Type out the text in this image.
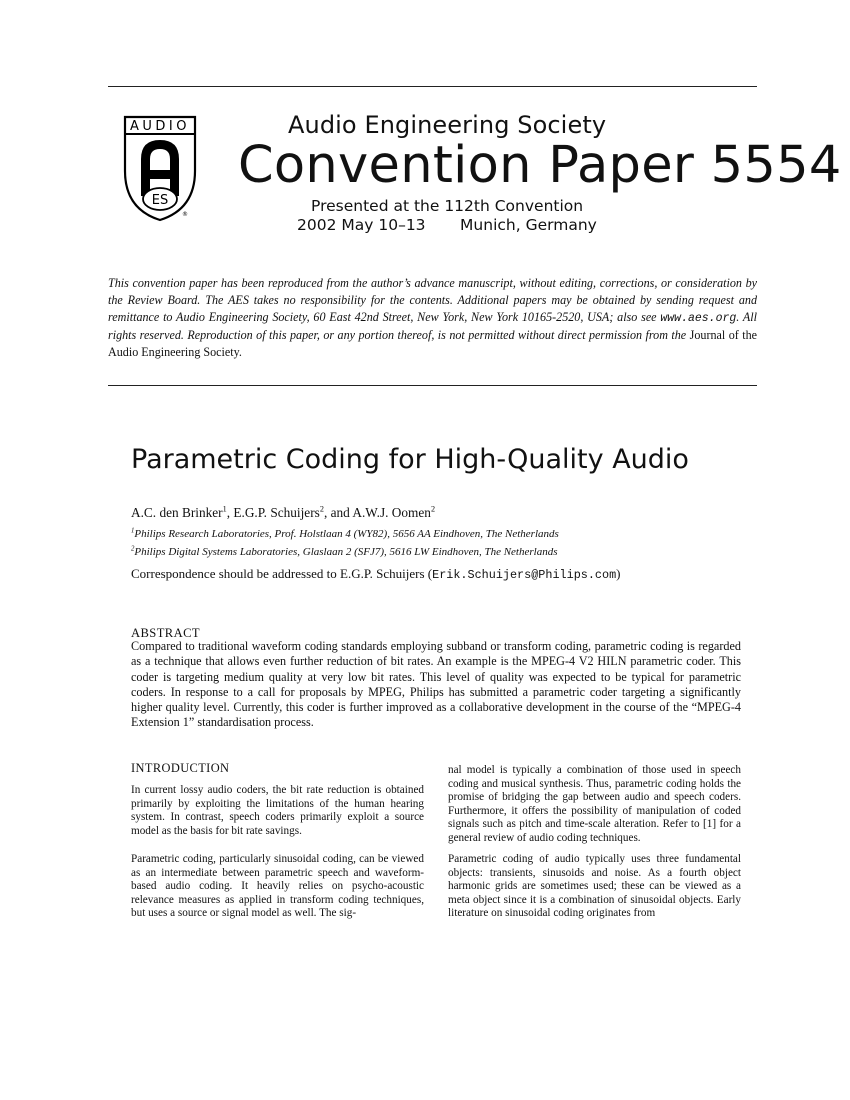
AUDIO
ES
®
Audio Engineering Society
Convention Paper 5554
Presented at the 112th Convention
2002 May 10–13 Munich, Germany
This convention paper has been reproduced from the author’s advance manuscript, without editing, corrections, or consideration by the Review Board. The AES takes no responsibility for the contents. Additional papers may be obtained by sending request and remittance to Audio Engineering Society, 60 East 42nd Street, New York, New York 10165-2520, USA; also see www.aes.org. All rights reserved. Reproduction of this paper, or any portion thereof, is not permitted without direct permission from the Journal of the Audio Engineering Society.
Parametric Coding for High-Quality Audio
A.C. den Brinker$^1$, E.G.P. Schuijers$^2$, and A.W.J. Oomen$^2$
$^1$Philips Research Laboratories, Prof. Holstlaan 4 (WY82), 5656 AA Eindhoven, The Netherlands
$^2$Philips Digital Systems Laboratories, Glaslaan 2 (SFJ7), 5616 LW Eindhoven, The Netherlands
Correspondence should be addressed to E.G.P. Schuijers (Erik.Schuijers@Philips.com)
ABSTRACT
Compared to traditional waveform coding standards employing subband or transform coding, parametric coding is regarded as a technique that allows even further reduction of bit rates. An example is the MPEG-4 V2 HILN parametric coder. This coder is targeting medium quality at very low bit rates. This level of quality was expected to be typical for parametric coders. In response to a call for proposals by MPEG, Philips has submitted a parametric coder targeting a significantly higher quality level. Currently, this coder is further improved as a collaborative development in the course of the “MPEG-4 Extension 1” standardisation process.
INTRODUCTION
In current lossy audio coders, the bit rate reduction is obtained primarily by exploiting the limitations of the human hearing system. In contrast, speech coders primarily exploit a source model as the basis for bit rate savings.
Parametric coding, particularly sinusoidal coding, can be viewed as an intermediate between parametric speech and waveform-based audio coding. It heavily relies on psycho-acoustic relevance measures as applied in transform coding techniques, but uses a source or signal model as well. The sig-
nal model is typically a combination of those used in speech coding and musical synthesis. Thus, parametric coding holds the promise of bridging the gap between audio and speech coders. Furthermore, it offers the possibility of manipulation of coded signals such as pitch and time-scale alteration. Refer to [1] for a general review of audio coding techniques.
Parametric coding of audio typically uses three fundamental objects: transients, sinusoids and noise. As a fourth object harmonic grids are sometimes used; these can be viewed as a meta object since it is a combination of sinusoidal objects. Early literature on sinusoidal coding originates from
